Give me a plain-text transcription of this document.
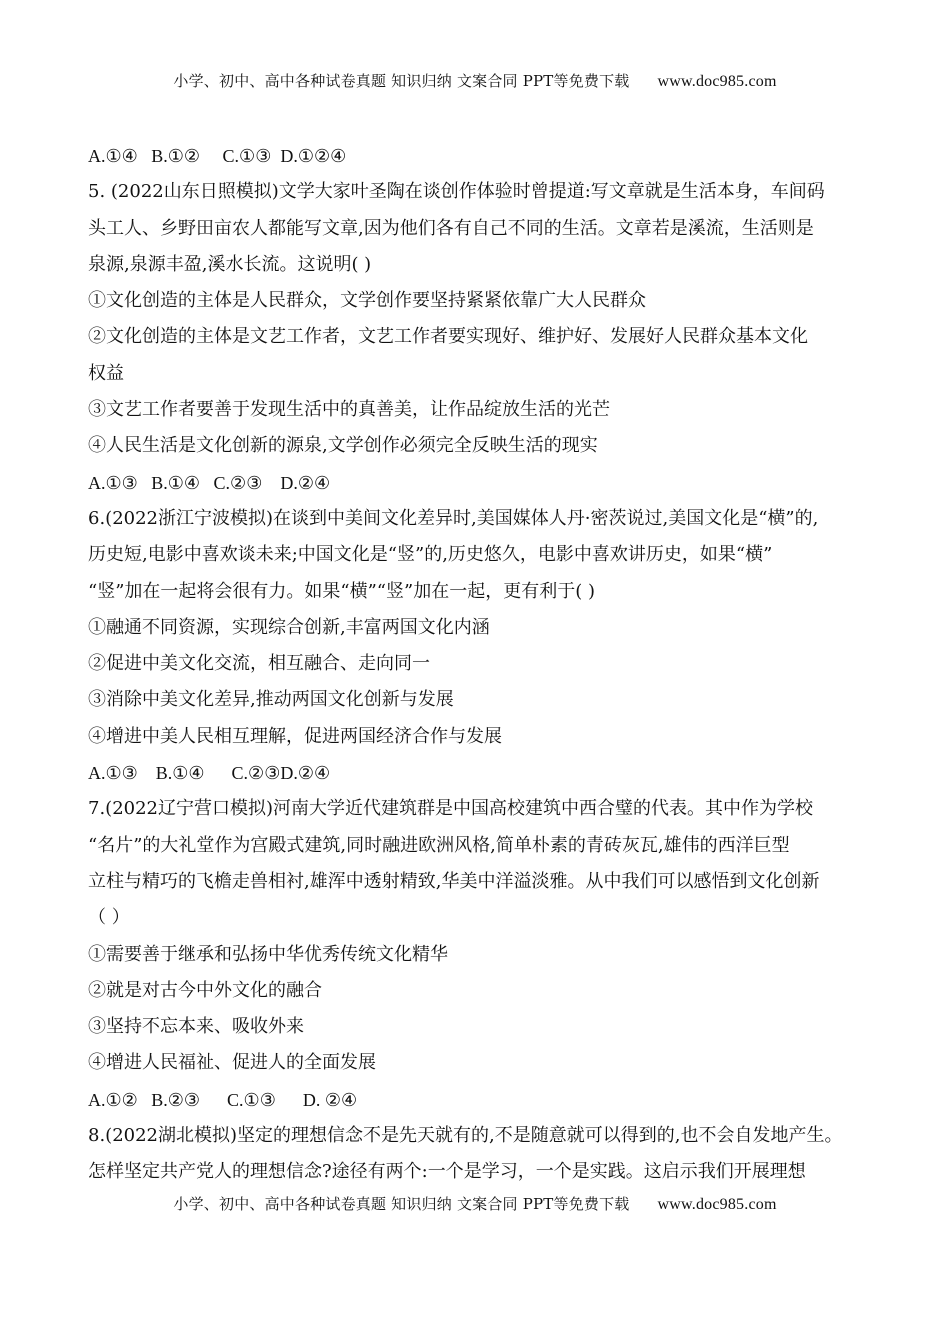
小学、初中、高中各种试卷真题 知识归纳 文案合同 PPT等免费下载 www.doc985.com
A.①④   B.①②     C.①③  D.①②④
5. (2022山东日照模拟)文学大家叶圣陶在谈创作体验时曾提道:写文章就是生活本身，车间码
头工人、乡野田亩农人都能写文章,因为他们各有自己不同的生活。文章若是溪流，生活则是
泉源,泉源丰盈,溪水长流。这说明( )
①文化创造的主体是人民群众，文学创作要坚持紧紧依靠广大人民群众
②文化创造的主体是文艺工作者，文艺工作者要实现好、维护好、发展好人民群众基本文化
权益
③文艺工作者要善于发现生活中的真善美，让作品绽放生活的光芒
④人民生活是文化创新的源泉,文学创作必须完全反映生活的现实
A.①③   B.①④   C.②③    D.②④
6.(2022浙江宁波模拟)在谈到中美间文化差异时,美国媒体人丹·密茨说过,美国文化是“横”的,
历史短,电影中喜欢谈未来;中国文化是“竖”的,历史悠久，电影中喜欢讲历史，如果“横”
“竖”加在一起将会很有力。如果“横”“竖”加在一起，更有利于( )
①融通不同资源，实现综合创新,丰富两国文化内涵
②促进中美文化交流，相互融合、走向同一
③消除中美文化差异,推动两国文化创新与发展
④增进中美人民相互理解，促进两国经济合作与发展
A.①③    B.①④      C.②③D.②④
7.(2022辽宁营口模拟)河南大学近代建筑群是中国高校建筑中西合璧的代表。其中作为学校
“名片”的大礼堂作为宫殿式建筑,同时融进欧洲风格,简单朴素的青砖灰瓦,雄伟的西洋巨型
立柱与精巧的飞檐走兽相衬,雄浑中透射精致,华美中洋溢淡雅。从中我们可以感悟到文化创新
（ ）
①需要善于继承和弘扬中华优秀传统文化精华
②就是对古今中外文化的融合
③坚持不忘本来、吸收外来
④增进人民福祉、促进人的全面发展
A.①②   B.②③      C.①③      D. ②④
8.(2022湖北模拟)坚定的理想信念不是先天就有的,不是随意就可以得到的,也不会自发地产生。
怎样坚定共产党人的理想信念?途径有两个:一个是学习，一个是实践。这启示我们开展理想
小学、初中、高中各种试卷真题 知识归纳 文案合同 PPT等免费下载 www.doc985.com
